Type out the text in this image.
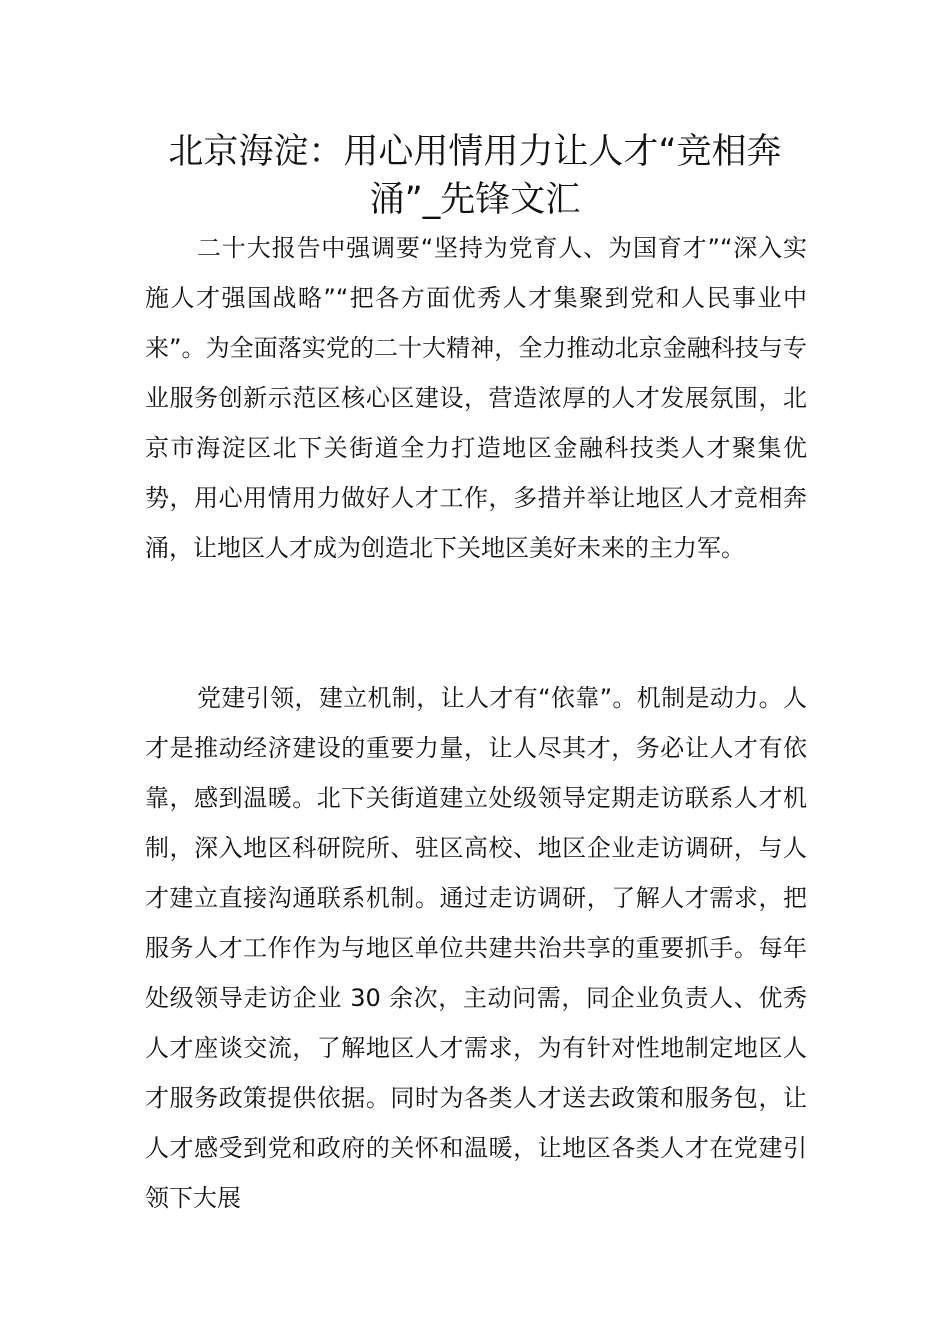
北京海淀：用心用情用力让人才“竞相奔涌”_先锋文汇

二十大报告中强调要“坚持为党育人、为国育才”“深入实施人才强国战略”“把各方面优秀人才集聚到党和人民事业中来”。为全面落实党的二十大精神，全力推动北京金融科技与专业服务创新示范区核心区建设，营造浓厚的人才发展氛围，北京市海淀区北下关街道全力打造地区金融科技类人才聚集优势，用心用情用力做好人才工作，多措并举让地区人才竞相奔涌，让地区人才成为创造北下关地区美好未来的主力军。

党建引领，建立机制，让人才有“依靠”。机制是动力。人才是推动经济建设的重要力量，让人尽其才，务必让人才有依靠，感到温暖。北下关街道建立处级领导定期走访联系人才机制，深入地区科研院所、驻区高校、地区企业走访调研，与人才建立直接沟通联系机制。通过走访调研，了解人才需求，把服务人才工作作为与地区单位共建共治共享的重要抓手。每年处级领导走访企业 30 余次，主动问需，同企业负责人、优秀人才座谈交流，了解地区人才需求，为有针对性地制定地区人才服务政策提供依据。同时为各类人才送去政策和服务包，让人才感受到党和政府的关怀和温暖，让地区各类人才在党建引领下大展
